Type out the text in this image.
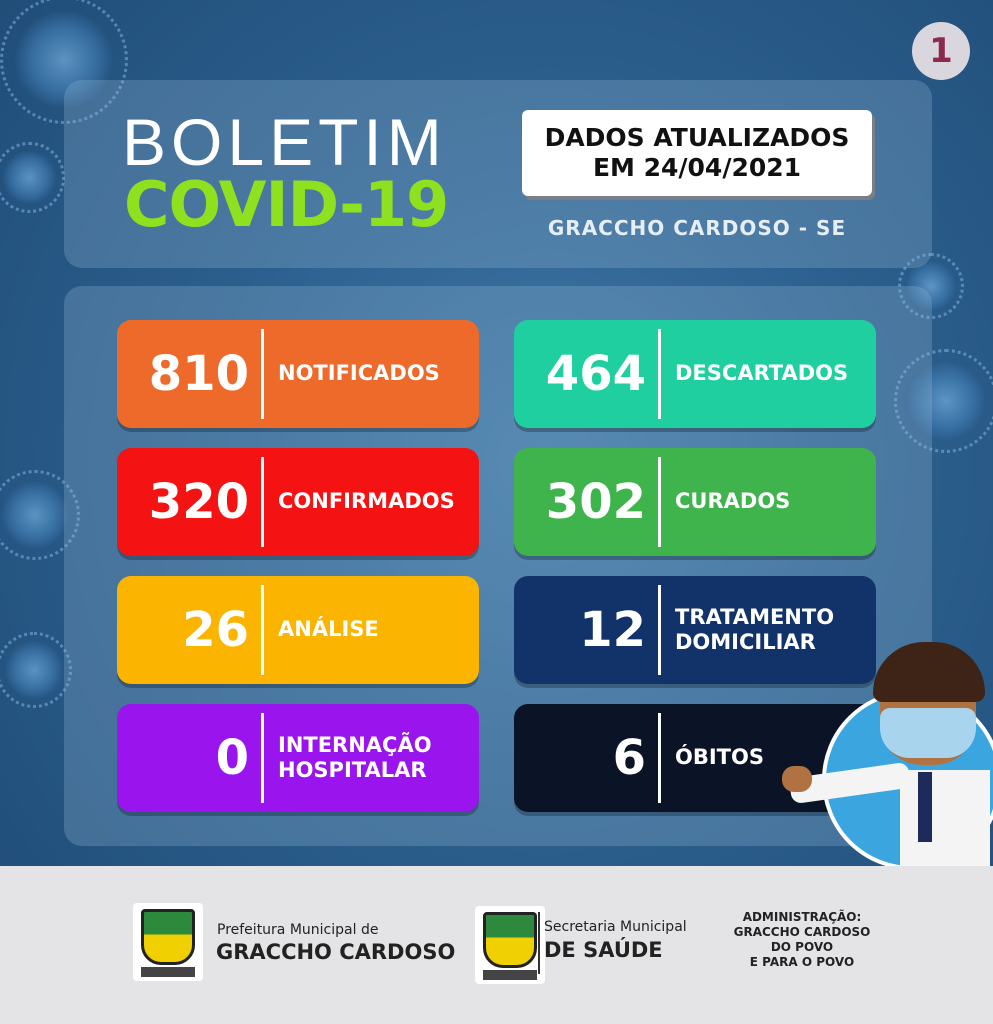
1
BOLETIM
COVID-19
DADOS ATUALIZADOS
EM 24/04/2021
GRACCHO CARDOSO - SE
810	NOTIFICADOS	464	DESCARTADOS
320	CONFIRMADOS	302	CURADOS
26	ANÁLISE	12	TRATAMENTO
DOMICILIAR
0	INTERNAÇÃO
HOSPITALAR	6	ÓBITOS
Prefeitura Municipal de
GRACCHO CARDOSO
Secretaria Municipal
DE SAÚDE
ADMINISTRAÇÃO:
GRACCHO CARDOSO
DO POVO
E PARA O POVO
